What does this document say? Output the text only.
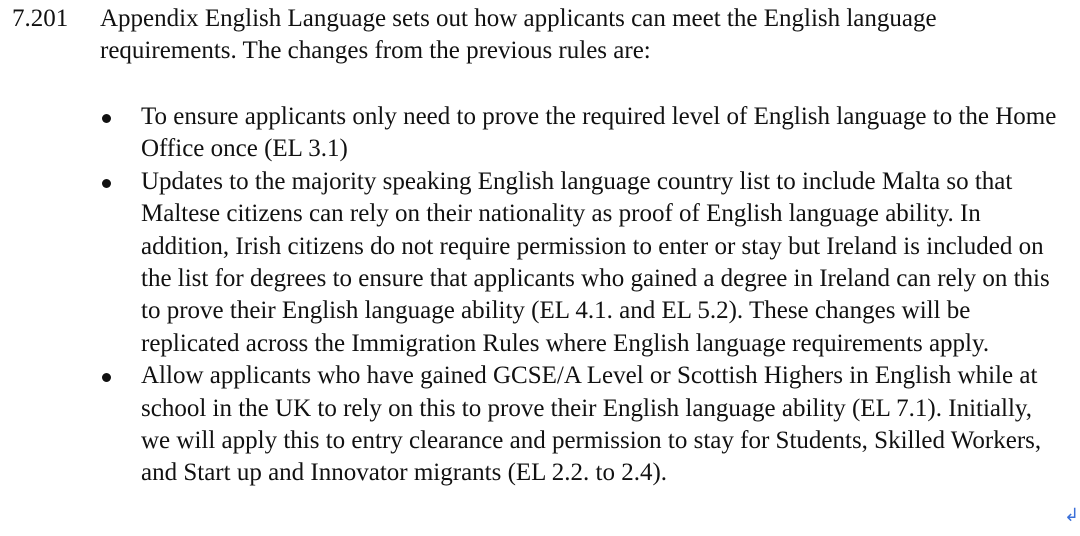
7.201 Appendix English Language sets out how applicants can meet the English language requirements. The changes from the previous rules are:

To ensure applicants only need to prove the required level of English language to the Home Office once (EL 3.1)
Updates to the majority speaking English language country list to include Malta so that Maltese citizens can rely on their nationality as proof of English language ability. In addition, Irish citizens do not require permission to enter or stay but Ireland is included on the list for degrees to ensure that applicants who gained a degree in Ireland can rely on this to prove their English language ability (EL 4.1. and EL 5.2). These changes will be replicated across the Immigration Rules where English language requirements apply.
Allow applicants who have gained GCSE/A Level or Scottish Highers in English while at school in the UK to rely on this to prove their English language ability (EL 7.1). Initially, we will apply this to entry clearance and permission to stay for Students, Skilled Workers, and Start up and Innovator migrants (EL 2.2. to 2.4).
↲
